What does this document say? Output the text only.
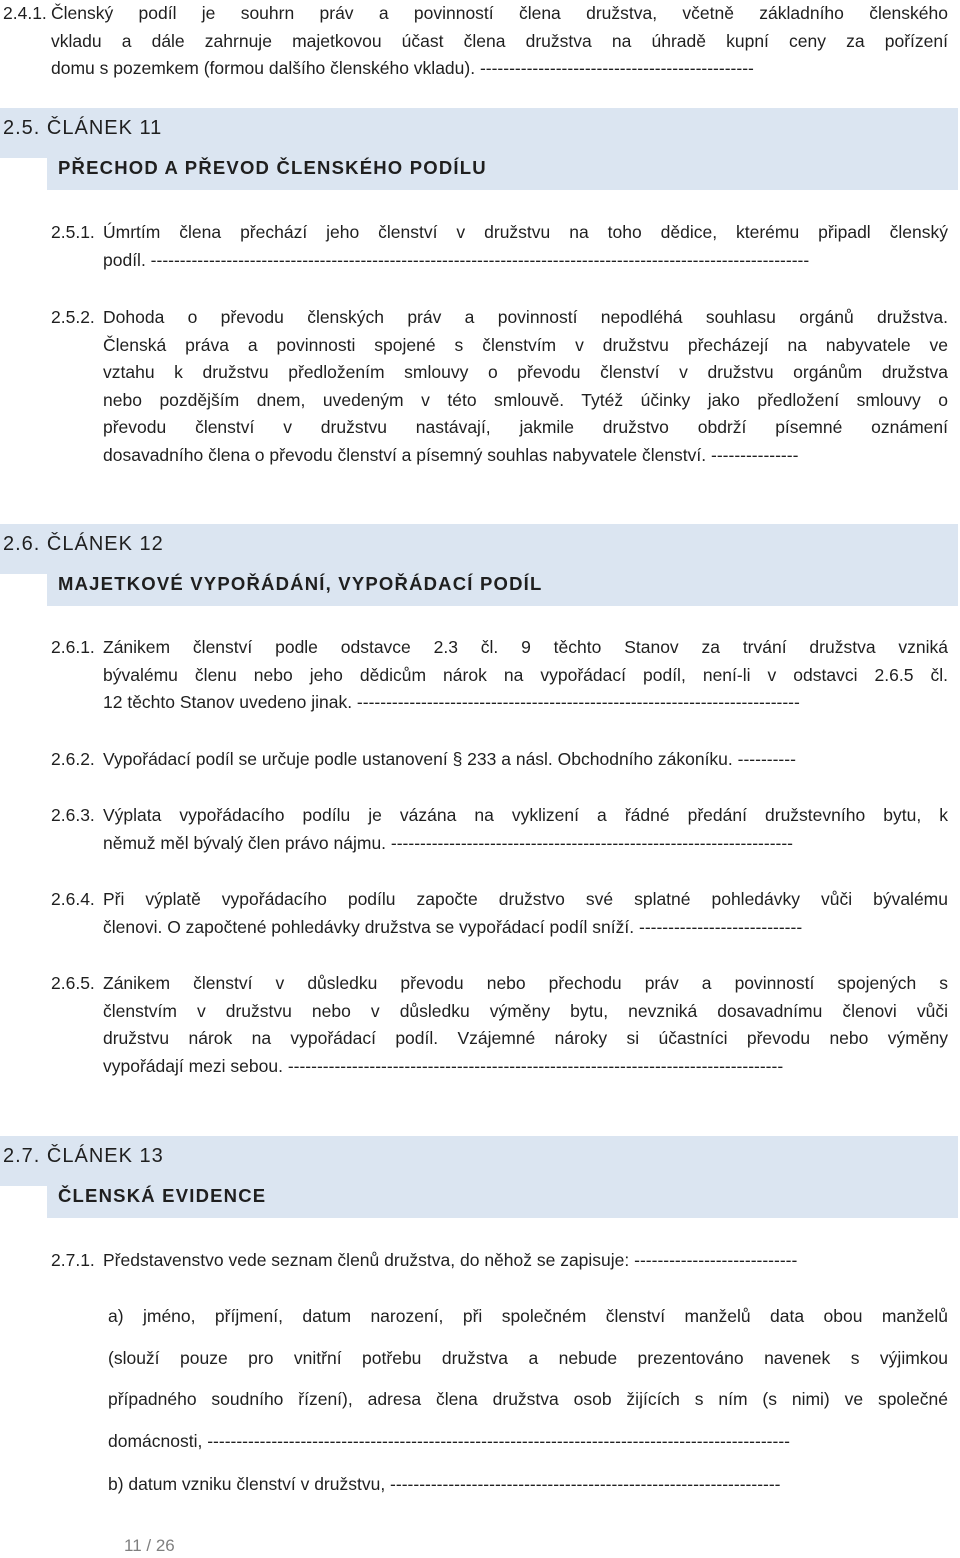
2.4.1. Členský podíl je souhrn práv a povinností člena družstva, včetně základního členského
vkladu a dále zahrnuje majetkovou účast člena družstva na úhradě kupní ceny za pořízení
domu s pozemkem (formou dalšího členského vkladu). -----------------------------------------------
2.5. ČLÁNEK 11
PŘECHOD A PŘEVOD ČLENSKÉHO PODÍLU
2.5.1. Úmrtím člena přechází jeho členství v družstvu na toho dědice, kterému připadl členský
podíl. -----------------------------------------------------------------------------------------------------------------
2.5.2. Dohoda o převodu členských práv a povinností nepodléhá souhlasu orgánů družstva.
Členská práva a povinnosti spojené s členstvím v družstvu přecházejí na nabyvatele ve
vztahu k družstvu předložením smlouvy o převodu členství v družstvu orgánům družstva
nebo pozdějším dnem, uvedeným v této smlouvě. Tytéž účinky jako předložení smlouvy o
převodu členství v družstvu nastávají, jakmile družstvo obdrží písemné oznámení
dosavadního člena o převodu členství a písemný souhlas nabyvatele členství. ---------------
2.6. ČLÁNEK 12
MAJETKOVÉ VYPOŘÁDÁNÍ, VYPOŘÁDACÍ PODÍL
2.6.1. Zánikem členství podle odstavce 2.3 čl. 9 těchto Stanov za trvání družstva vzniká
bývalému členu nebo jeho dědicům nárok na vypořádací podíl, není-li v odstavci 2.6.5 čl.
12 těchto Stanov uvedeno jinak. ----------------------------------------------------------------------------
2.6.2. Vypořádací podíl se určuje podle ustanovení § 233 a násl. Obchodního zákoníku. ----------
2.6.3. Výplata vypořádacího podílu je vázána na vyklizení a řádné předání družstevního bytu, k
němuž měl bývalý člen právo nájmu. ---------------------------------------------------------------------
2.6.4. Při výplatě vypořádacího podílu započte družstvo své splatné pohledávky vůči bývalému
členovi. O započtené pohledávky družstva se vypořádací podíl sníží. ----------------------------
2.6.5. Zánikem členství v důsledku převodu nebo přechodu práv a povinností spojených s
členstvím v družstvu nebo v důsledku výměny bytu, nevzniká dosavadnímu členovi vůči
družstvu nárok na vypořádací podíl. Vzájemné nároky si účastníci převodu nebo výměny
vypořádají mezi sebou. -------------------------------------------------------------------------------------
2.7. ČLÁNEK 13
ČLENSKÁ EVIDENCE
2.7.1. Představenstvo vede seznam členů družstva, do něhož se zapisuje: ----------------------------
a) jméno, příjmení, datum narození, při společném členství manželů data obou manželů
(slouží pouze pro vnitřní potřebu družstva a nebude prezentováno navenek s výjimkou
případného soudního řízení), adresa člena družstva osob žijících s ním (s nimi) ve společné
domácnosti, ----------------------------------------------------------------------------------------------------
b) datum vzniku členství v družstvu, -------------------------------------------------------------------
11 / 26
